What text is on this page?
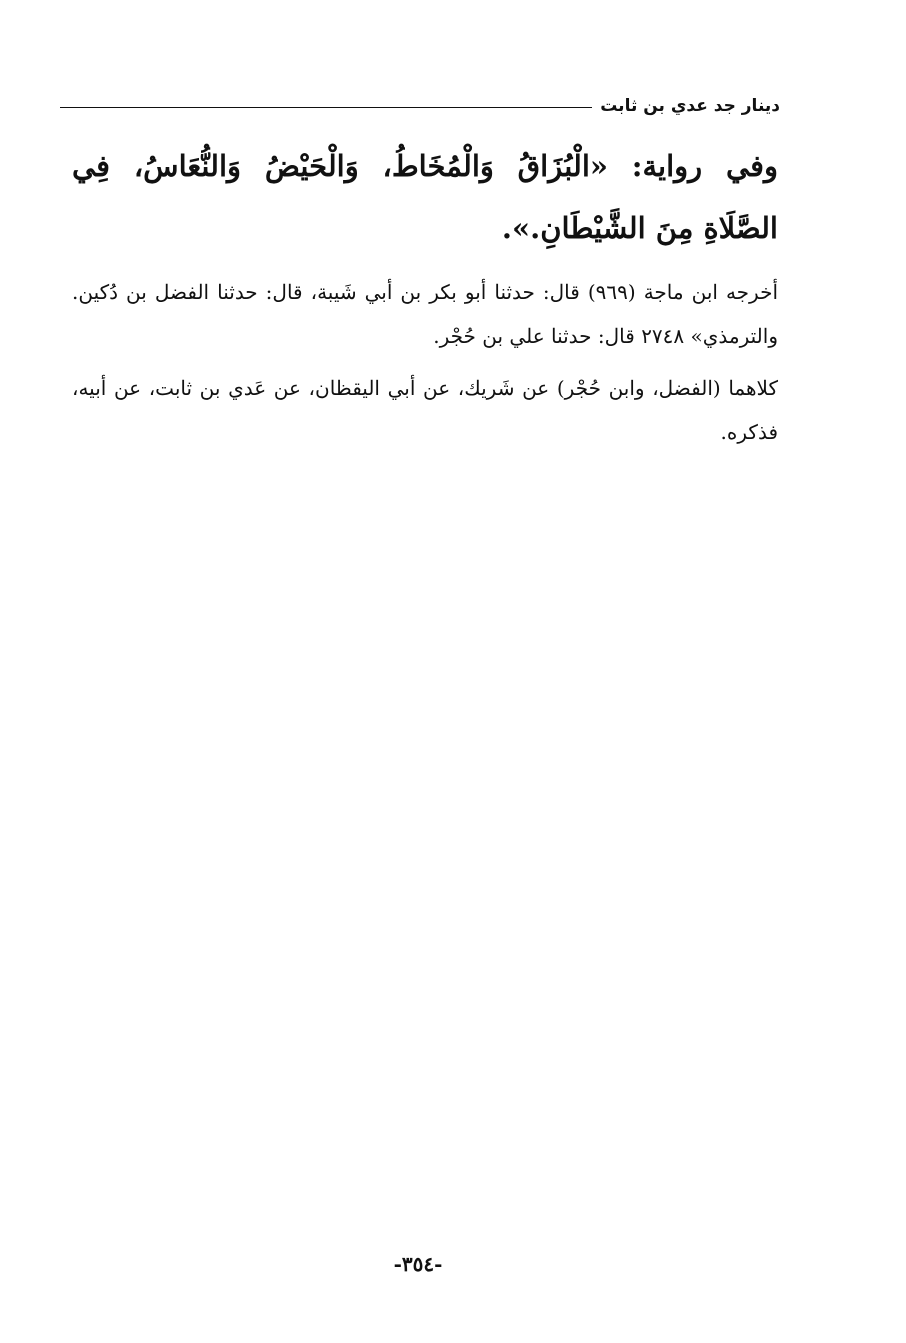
دينار جد عدي بن ثابت

وفي رواية: «الْبُزَاقُ وَالْمُخَاطُ، وَالْحَيْضُ وَالنُّعَاسُ، فِي الصَّلَاةِ مِنَ الشَّيْطَانِ.».

أخرجه ابن ماجة (٩٦٩) قال: حدثنا أبو بكر بن أبي شَيبة، قال: حدثنا الفضل بن دُكين. والترمذي» ٢٧٤٨ قال: حدثنا علي بن حُجْر.

كلاهما (الفضل، وابن حُجْر) عن شَريك، عن أبي اليقظان، عن عَدي بن ثابت، عن أبيه، فذكره.

-٣٥٤-
